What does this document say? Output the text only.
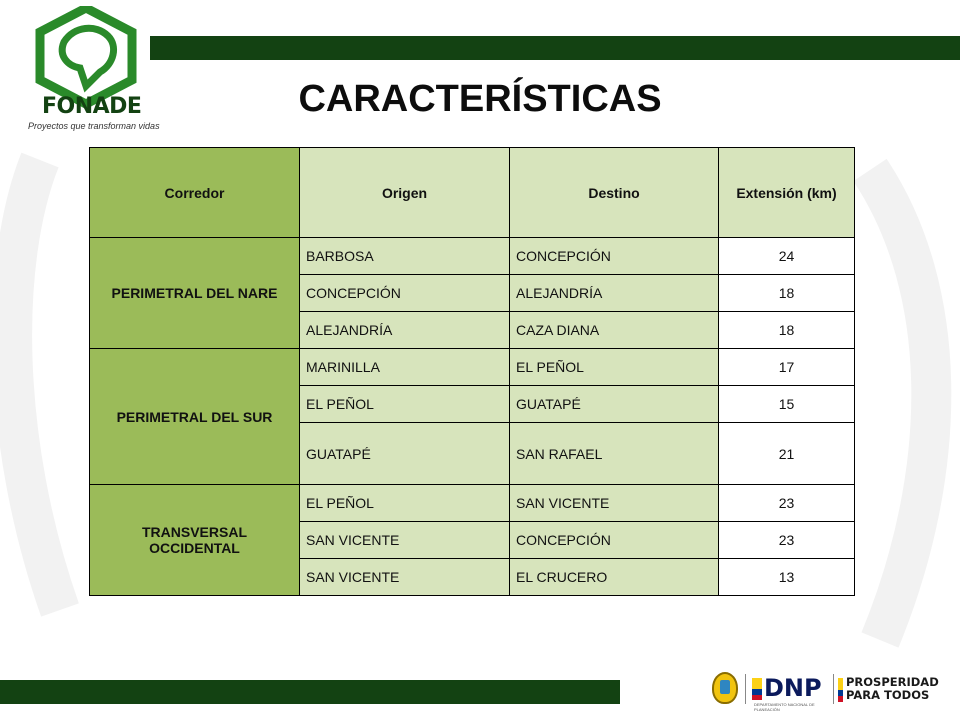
FONADE
Proyectos que transforman vidas
CARACTERÍSTICAS
Corredor	Origen	Destino	Extensión (km)
PERIMETRAL DEL NARE	BARBOSA	CONCEPCIÓN	24
	CONCEPCIÓN	ALEJANDRÍA	18
	ALEJANDRÍA	CAZA DIANA	18
PERIMETRAL DEL SUR	MARINILLA	EL PEÑOL	17
	EL PEÑOL	GUATAPÉ	15
	GUATAPÉ	SAN RAFAEL	21
TRANSVERSAL OCCIDENTAL	EL PEÑOL	SAN VICENTE	23
	SAN VICENTE	CONCEPCIÓN	23
	SAN VICENTE	EL CRUCERO	13
DNP
DEPARTAMENTO NACIONAL DE PLANEACIÓN
PROSPERIDAD
PARA TODOS
